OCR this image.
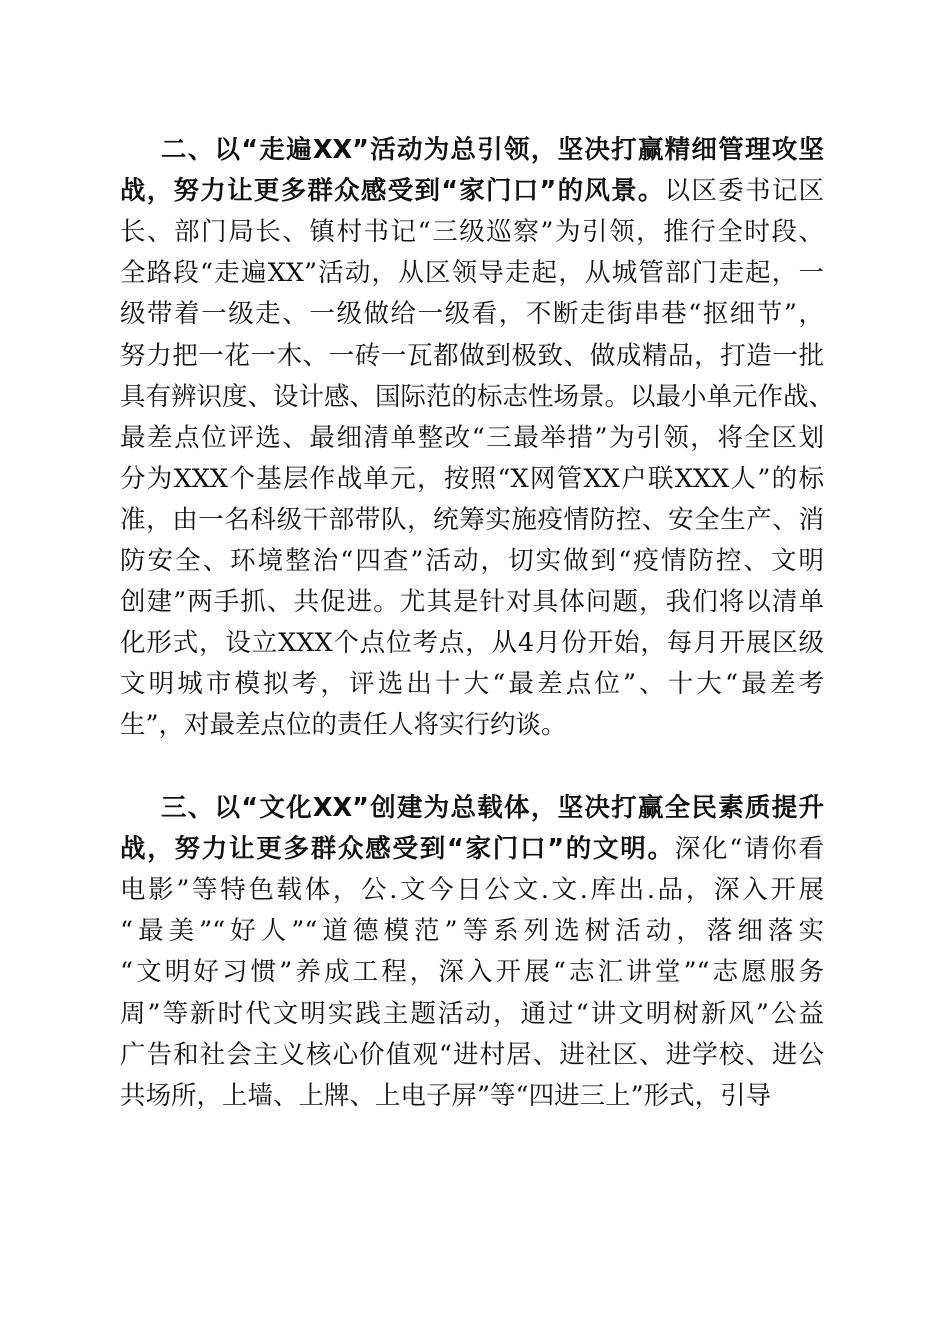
二、以“走遍XX”活动为总引领，坚决打赢精细管理攻坚
战，努力让更多群众感受到“家门口”的风景。以区委书记区
长、部门局长、镇村书记“三级巡察”为引领，推行全时段、
全路段“走遍XX”活动，从区领导走起，从城管部门走起，一
级带着一级走、一级做给一级看，不断走街串巷“抠细节”，
努力把一花一木、一砖一瓦都做到极致、做成精品，打造一批
具有辨识度、设计感、国际范的标志性场景。以最小单元作战、
最差点位评选、最细清单整改“三最举措”为引领，将全区划
分为XXX个基层作战单元，按照“X网管XX户联XXX人”的标
准，由一名科级干部带队，统筹实施疫情防控、安全生产、消
防安全、环境整治“四查”活动，切实做到“疫情防控、文明
创建”两手抓、共促进。尤其是针对具体问题，我们将以清单
化形式，设立XXX个点位考点，从4月份开始，每月开展区级
文明城市模拟考，评选出十大“最差点位”、十大“最差考
生”，对最差点位的责任人将实行约谈。
三、以“文化XX”创建为总载体，坚决打赢全民素质提升
战，努力让更多群众感受到“家门口”的文明。深化“请你看
电影”等特色载体，公.文今日公文.文.库出.品，深入开展
“最美”“好人”“道德模范”等系列选树活动，落细落实
“文明好习惯”养成工程，深入开展“志汇讲堂”“志愿服务
周”等新时代文明实践主题活动，通过“讲文明树新风”公益
广告和社会主义核心价值观“进村居、进社区、进学校、进公
共场所，上墙、上牌、上电子屏”等“四进三上”形式，引导
